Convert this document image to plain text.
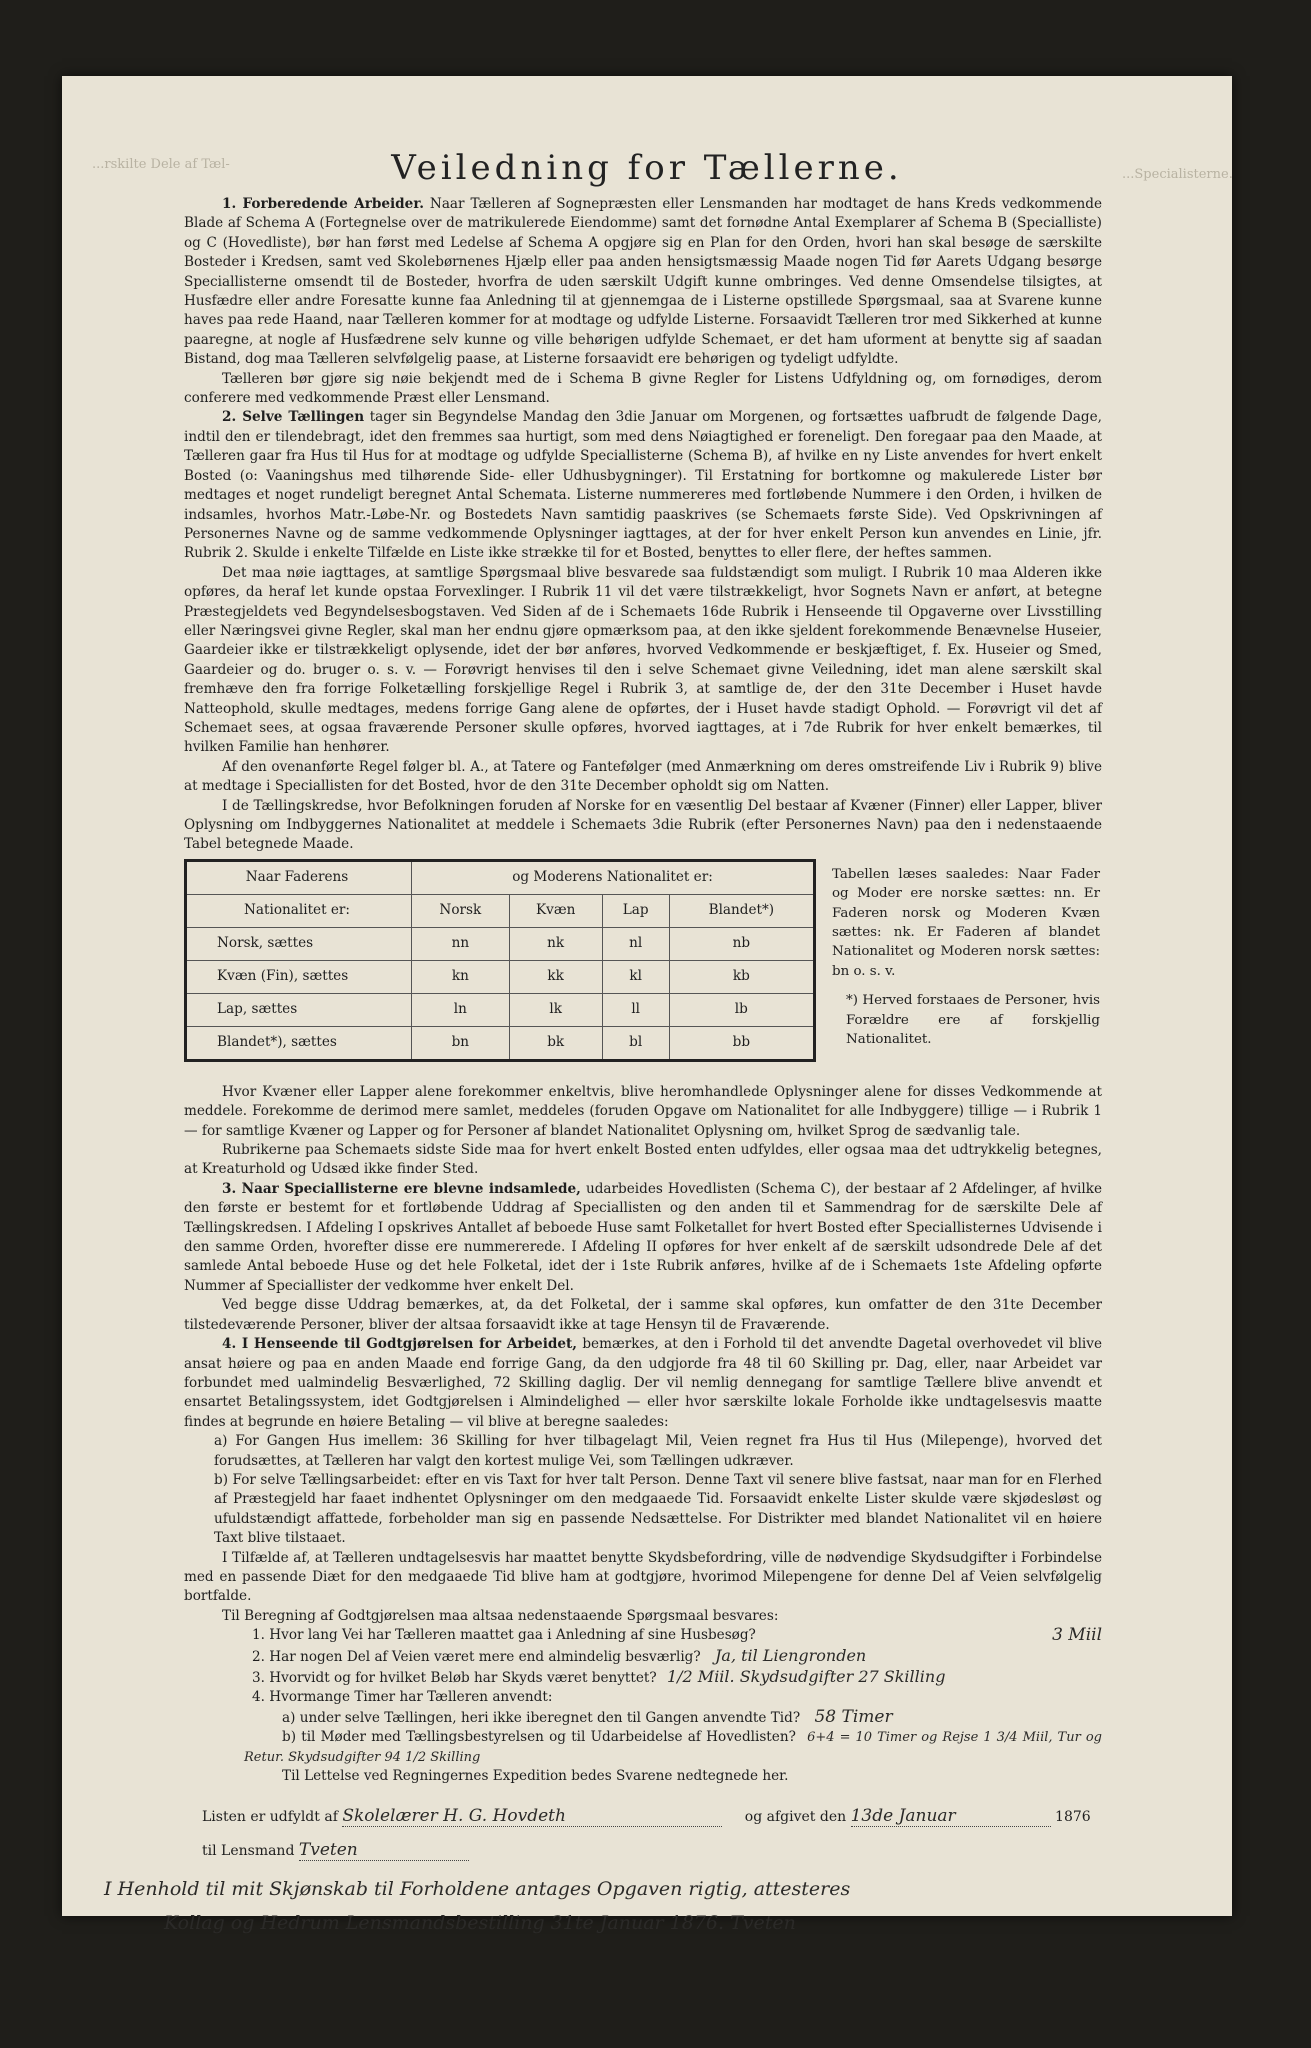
...rskilte Dele af Tæl-
...Specialisterne.
Veiledning for Tællerne.

1. Forberedende Arbeider. Naar Tælleren af Sognepræsten eller Lensmanden har modtaget de hans Kreds vedkommende Blade af Schema A (Fortegnelse over de matrikulerede Eiendomme) samt det fornødne Antal Exemplarer af Schema B (Specialliste) og C (Hovedliste), bør han først med Ledelse af Schema A opgjøre sig en Plan for den Orden, hvori han skal besøge de særskilte Bosteder i Kredsen, samt ved Skolebørnenes Hjælp eller paa anden hensigtsmæssig Maade nogen Tid før Aarets Udgang besørge Speciallisterne omsendt til de Bosteder, hvorfra de uden særskilt Udgift kunne ombringes. Ved denne Omsendelse tilsigtes, at Husfædre eller andre Foresatte kunne faa Anledning til at gjennemgaa de i Listerne opstillede Spørgsmaal, saa at Svarene kunne haves paa rede Haand, naar Tælleren kommer for at modtage og udfylde Listerne. Forsaavidt Tælleren tror med Sikkerhed at kunne paaregne, at nogle af Husfædrene selv kunne og ville behørigen udfylde Schemaet, er det ham uforment at benytte sig af saadan Bistand, dog maa Tælleren selvfølgelig paase, at Listerne forsaavidt ere behørigen og tydeligt udfyldte.

Tælleren bør gjøre sig nøie bekjendt med de i Schema B givne Regler for Listens Udfyldning og, om fornødiges, derom conferere med vedkommende Præst eller Lensmand.

2. Selve Tællingen tager sin Begyndelse Mandag den 3die Januar om Morgenen, og fortsættes uafbrudt de følgende Dage, indtil den er tilendebragt, idet den fremmes saa hurtigt, som med dens Nøiagtighed er foreneligt. Den foregaar paa den Maade, at Tælleren gaar fra Hus til Hus for at modtage og udfylde Speciallisterne (Schema B), af hvilke en ny Liste anvendes for hvert enkelt Bosted (o: Vaaningshus med tilhørende Side- eller Udhusbygninger). Til Erstatning for bortkomne og makulerede Lister bør medtages et noget rundeligt beregnet Antal Schemata. Listerne nummereres med fortløbende Nummere i den Orden, i hvilken de indsamles, hvorhos Matr.-Løbe-Nr. og Bostedets Navn samtidig paaskrives (se Schemaets første Side). Ved Opskrivningen af Personernes Navne og de samme vedkommende Oplysninger iagttages, at der for hver enkelt Person kun anvendes en Linie, jfr. Rubrik 2. Skulde i enkelte Tilfælde en Liste ikke strække til for et Bosted, benyttes to eller flere, der heftes sammen.

Det maa nøie iagttages, at samtlige Spørgsmaal blive besvarede saa fuldstændigt som muligt. I Rubrik 10 maa Alderen ikke opføres, da heraf let kunde opstaa Forvexlinger. I Rubrik 11 vil det være tilstrækkeligt, hvor Sognets Navn er anført, at betegne Præstegjeldets ved Begyndelsesbogstaven. Ved Siden af de i Schemaets 16de Rubrik i Henseende til Opgaverne over Livsstilling eller Næringsvei givne Regler, skal man her endnu gjøre opmærksom paa, at den ikke sjeldent forekommende Benævnelse Huseier, Gaardeier ikke er tilstrækkeligt oplysende, idet der bør anføres, hvorved Vedkommende er beskjæftiget, f. Ex. Huseier og Smed, Gaardeier og do. bruger o. s. v. — Forøvrigt henvises til den i selve Schemaet givne Veiledning, idet man alene særskilt skal fremhæve den fra forrige Folketælling forskjellige Regel i Rubrik 3, at samtlige de, der den 31te December i Huset havde Natteophold, skulle medtages, medens forrige Gang alene de opførtes, der i Huset havde stadigt Ophold. — Forøvrigt vil det af Schemaet sees, at ogsaa fraværende Personer skulle opføres, hvorved iagttages, at i 7de Rubrik for hver enkelt bemærkes, til hvilken Familie han henhører.

Af den ovenanførte Regel følger bl. A., at Tatere og Fantefølger (med Anmærkning om deres omstreifende Liv i Rubrik 9) blive at medtage i Speciallisten for det Bosted, hvor de den 31te December opholdt sig om Natten.

I de Tællingskredse, hvor Befolkningen foruden af Norske for en væsentlig Del bestaar af Kvæner (Finner) eller Lapper, bliver Oplysning om Indbyggernes Nationalitet at meddele i Schemaets 3die Rubrik (efter Personernes Navn) paa den i nedenstaaende Tabel betegnede Maade.

Naar Faderens	og Moderens Nationalitet er:			
Nationalitet er:	Norsk	Kvæn	Lap	Blandet*)
Norsk, sættes	nn	nk	nl	nb
Kvæn (Fin), sættes	kn	kk	kl	kb
Lap, sættes	ln	lk	ll	lb
Blandet*), sættes	bn	bk	bl	bb
Tabellen læses saaledes: Naar Fader og Moder ere norske sættes: nn. Er Faderen norsk og Moderen Kvæn sættes: nk. Er Faderen af blandet Nationalitet og Moderen norsk sættes: bn o. s. v.
*) Herved forstaaes de Personer, hvis Forældre ere af forskjellig Nationalitet.

Hvor Kvæner eller Lapper alene forekommer enkeltvis, blive heromhandlede Oplysninger alene for disses Vedkommende at meddele. Forekomme de derimod mere samlet, meddeles (foruden Opgave om Nationalitet for alle Indbyggere) tillige — i Rubrik 1 — for samtlige Kvæner og Lapper og for Personer af blandet Nationalitet Oplysning om, hvilket Sprog de sædvanlig tale.

Rubrikerne paa Schemaets sidste Side maa for hvert enkelt Bosted enten udfyldes, eller ogsaa maa det udtrykkelig betegnes, at Kreaturhold og Udsæd ikke finder Sted.

3. Naar Speciallisterne ere blevne indsamlede, udarbeides Hovedlisten (Schema C), der bestaar af 2 Afdelinger, af hvilke den første er bestemt for et fortløbende Uddrag af Speciallisten og den anden til et Sammendrag for de særskilte Dele af Tællingskredsen. I Afdeling I opskrives Antallet af beboede Huse samt Folketallet for hvert Bosted efter Speciallisternes Udvisende i den samme Orden, hvorefter disse ere nummererede. I Afdeling II opføres for hver enkelt af de særskilt udsondrede Dele af det samlede Antal beboede Huse og det hele Folketal, idet der i 1ste Rubrik anføres, hvilke af de i Schemaets 1ste Afdeling opførte Nummer af Speciallister der vedkomme hver enkelt Del.

Ved begge disse Uddrag bemærkes, at, da det Folketal, der i samme skal opføres, kun omfatter de den 31te December tilstedeværende Personer, bliver der altsaa forsaavidt ikke at tage Hensyn til de Fraværende.

4. I Henseende til Godtgjørelsen for Arbeidet, bemærkes, at den i Forhold til det anvendte Dagetal overhovedet vil blive ansat høiere og paa en anden Maade end forrige Gang, da den udgjorde fra 48 til 60 Skilling pr. Dag, eller, naar Arbeidet var forbundet med ualmindelig Besværlighed, 72 Skilling daglig. Der vil nemlig dennegang for samtlige Tællere blive anvendt et ensartet Betalingssystem, idet Godtgjørelsen i Almindelighed — eller hvor særskilte lokale Forholde ikke undtagelsesvis maatte findes at begrunde en høiere Betaling — vil blive at beregne saaledes:

a) For Gangen Hus imellem: 36 Skilling for hver tilbagelagt Mil, Veien regnet fra Hus til Hus (Milepenge), hvorved det forudsættes, at Tælleren har valgt den kortest mulige Vei, som Tællingen udkræver.

b) For selve Tællingsarbeidet: efter en vis Taxt for hver talt Person. Denne Taxt vil senere blive fastsat, naar man for en Flerhed af Præstegjeld har faaet indhentet Oplysninger om den medgaaede Tid. Forsaavidt enkelte Lister skulde være skjødesløst og ufuldstændigt affattede, forbeholder man sig en passende Nedsættelse. For Distrikter med blandet Nationalitet vil en høiere Taxt blive tilstaaet.

I Tilfælde af, at Tælleren undtagelsesvis har maattet benytte Skydsbefordring, ville de nødvendige Skydsudgifter i Forbindelse med en passende Diæt for den medgaaede Tid blive ham at godtgjøre, hvorimod Milepengene for denne Del af Veien selvfølgelig bortfalde.

Til Beregning af Godtgjørelsen maa altsaa nedenstaaende Spørgsmaal besvares:

1. Hvor lang Vei har Tælleren maattet gaa i Anledning af sine Husbesøg?	3 Miil

2. Har nogen Del af Veien været mere end almindelig besværlig? Ja, til Liengronden

3. Hvorvidt og for hvilket Beløb har Skyds været benyttet? 1/2 Miil. Skydsudgifter 27 Skilling

4. Hvormange Timer har Tælleren anvendt:

a) under selve Tællingen, heri ikke iberegnet den til Gangen anvendte Tid? 58 Timer

b) til Møder med Tællingsbestyrelsen og til Udarbeidelse af Hovedlisten? 6+4 = 10 Timer og Rejse 1 3/4 Miil, Tur og Retur. Skydsudgifter 94 1/2 Skilling

Til Lettelse ved Regningernes Expedition bedes Svarene nedtegnede her.

Listen er udfyldt af Skolelærer H. G. Hovdeth	og afgivet den 13de Januar	1876
til Lensmand Tveten
I Henhold til mit Skjønskab til Forholdene antages Opgaven rigtig, attesteres
Kollag og Hedrum Lensmandsbestilling 31te Januar 1876. Tveten
